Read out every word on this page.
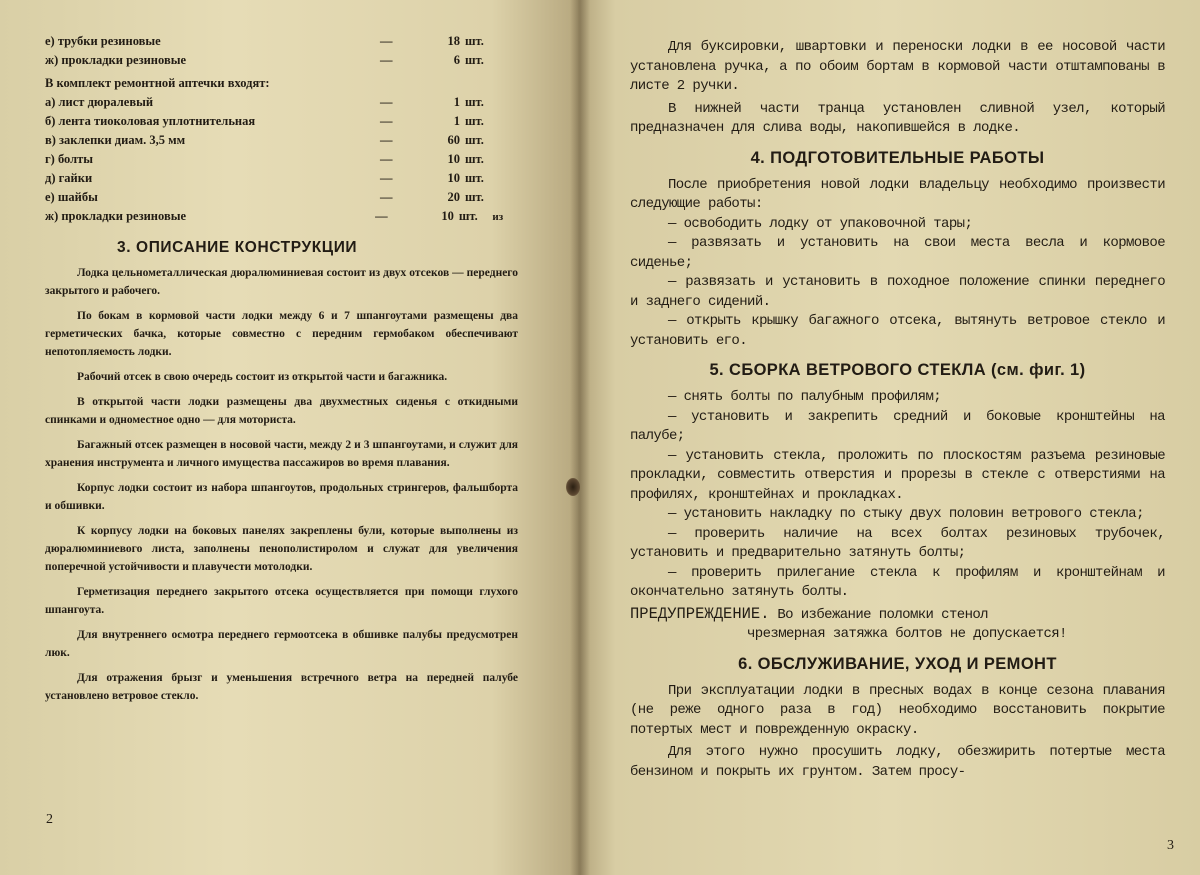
е) трубки резиновые	—	18 шт.
ж) прокладки резиновые	—	6 шт.
В комплект ремонтной аптечки входят:
а) лист дюралевый	—	1 шт.
б) лента тиоколовая уплотнительная	—	1 шт.
в) заклепки диам. 3,5 мм	—	60 шт.
г) болты	—	10 шт.
д) гайки	—	10 шт.
е) шайбы	—	20 шт.
ж) прокладки резиновые	—	10 шт.	из
3. ОПИСАНИЕ КОНСТРУКЦИИ

Лодка цельнометаллическая дюралюминиевая состоит из двух отсеков — переднего закрытого и рабочего.

По бокам в кормовой части лодки между 6 и 7 шпангоутами размещены два герметических бачка, которые совместно с передним гермобаком обеспечивают непотопляемость лодки.

Рабочий отсек в свою очередь состоит из открытой части и багажника.

В открытой части лодки размещены два двухместных сиденья с откидными спинками и одноместное одно — для мотористa.

Багажный отсек размещен в носовой части, между 2 и 3 шпангоутами, и служит для хранения инструмента и личного имущества пассажиров во время плавания.

Корпус лодки состоит из набора шпангоутов, продольных стрингеров, фальшборта и обшивки.

К корпусу лодки на боковых панелях закреплены були, которые выполнены из дюралюминиевого листа, заполнены пенополистиролом и служат для увеличения поперечной устойчивости и плавучести мотолодки.

Герметизация переднего закрытого отсека осуществляется при помощи глухого шпангоута.

Для внутреннего осмотра переднего гермоотсека в обшивке палубы предусмотрен люк.

Для отражения брызг и уменьшения встречного ветра на передней палубе установлено ветровое стекло.

2

Для буксировки, швартовки и переноски лодки в ее носовой части установлена ручка, а по обоим бортам в кормовой части отштампованы в листе 2 ручки.

В нижней части транца установлен сливной узел, который предназначен для слива воды, накопившейся в лодке.

4. ПОДГОТОВИТЕЛЬНЫЕ РАБОТЫ

После приобретения новой лодки владельцу необходимо произвести следующие работы:

— освободить лодку от упаковочной тары;

— развязать и установить на свои места весла и кормовое сиденье;

— развязать и установить в походное положение спинки переднего и заднего сидений.

— открыть крышку багажного отсека, вытянуть ветровое стекло и установить его.

5. СБОРКА ВЕТРОВОГО СТЕКЛА (см. фиг. 1)

— снять болты по палубным профилям;

— установить и закрепить средний и боковые кронштейны на палубе;

— установить стекла, проложить по плоскостям разъема резиновые прокладки, совместить отверстия и прорезы в стекле с отверстиями на профилях, кронштейнах и прокладках.

— установить накладку по стыку двух половин ветрового стекла;

— проверить наличие на всех болтах резиновых трубочек, установить и предварительно затянуть болты;

— проверить прилегание стекла к профилям и кронштейнам и окончательно затянуть болты.

ПРЕДУПРЕЖДЕНИЕ. Во избежание поломки стенол
чрезмерная затяжка болтов не допускается!
6. ОБСЛУЖИВАНИЕ, УХОД И РЕМОНТ

При эксплуатации лодки в пресных водах в конце сезона плавания (не реже одного раза в год) необходимо восстановить покрытие потертых мест и поврежденную окраску.

Для этого нужно просушить лодку, обезжирить потертые места бензином и покрыть их грунтом. Затем просу-

3
